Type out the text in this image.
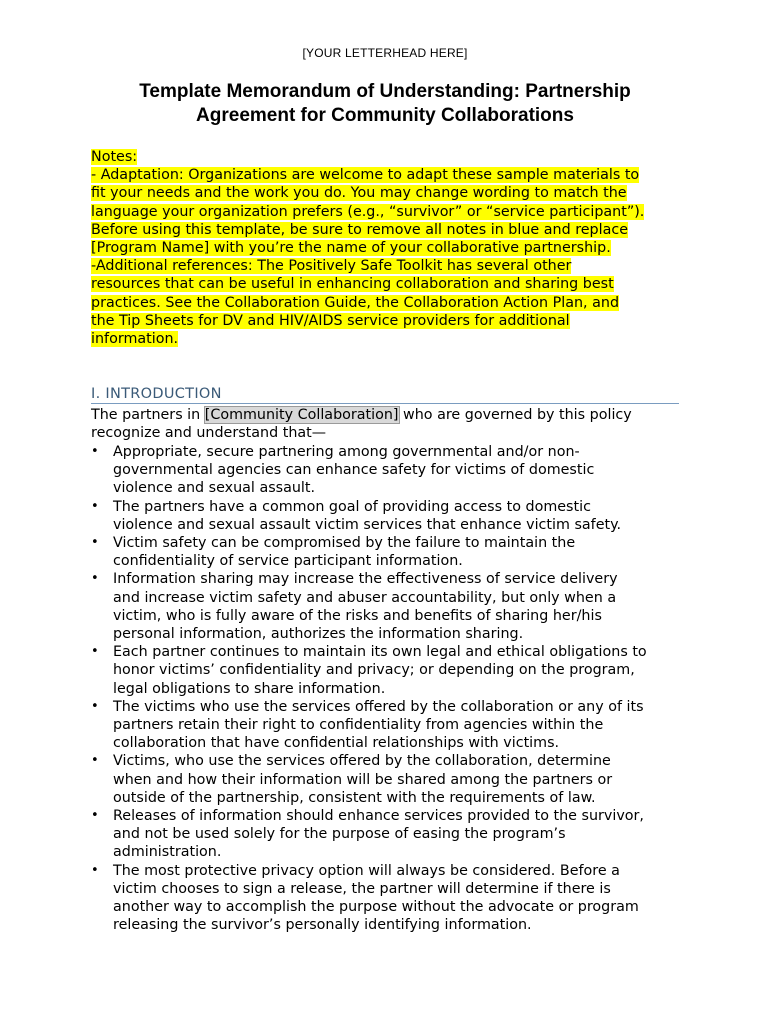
[YOUR LETTERHEAD HERE]
Template Memorandum of Understanding: Partnership
Agreement for Community Collaborations
Notes:
- Adaptation: Organizations are welcome to adapt these sample materials to
fit your needs and the work you do. You may change wording to match the
language your organization prefers (e.g., “survivor” or “service participant”).
Before using this template, be sure to remove all notes in blue and replace
[Program Name] with you’re the name of your collaborative partnership.
-Additional references: The Positively Safe Toolkit has several other
resources that can be useful in enhancing collaboration and sharing best
practices. See the Collaboration Guide, the Collaboration Action Plan, and
the Tip Sheets for DV and HIV/AIDS service providers for additional
information.
I. INTRODUCTION
The partners in [Community Collaboration] who are governed by this policy
recognize and understand that—
•	Appropriate, secure partnering among governmental and/or non-
governmental agencies can enhance safety for victims of domestic
violence and sexual assault.
•	The partners have a common goal of providing access to domestic
violence and sexual assault victim services that enhance victim safety.
•	Victim safety can be compromised by the failure to maintain the
confidentiality of service participant information.
•	Information sharing may increase the effectiveness of service delivery
and increase victim safety and abuser accountability, but only when a
victim, who is fully aware of the risks and benefits of sharing her/his
personal information, authorizes the information sharing.
•	Each partner continues to maintain its own legal and ethical obligations to
honor victims’ confidentiality and privacy; or depending on the program,
legal obligations to share information.
•	The victims who use the services offered by the collaboration or any of its
partners retain their right to confidentiality from agencies within the
collaboration that have confidential relationships with victims.
•	Victims, who use the services offered by the collaboration, determine
when and how their information will be shared among the partners or
outside of the partnership, consistent with the requirements of law.
•	Releases of information should enhance services provided to the survivor,
and not be used solely for the purpose of easing the program’s
administration.
•	The most protective privacy option will always be considered. Before a
victim chooses to sign a release, the partner will determine if there is
another way to accomplish the purpose without the advocate or program
releasing the survivor’s personally identifying information.
